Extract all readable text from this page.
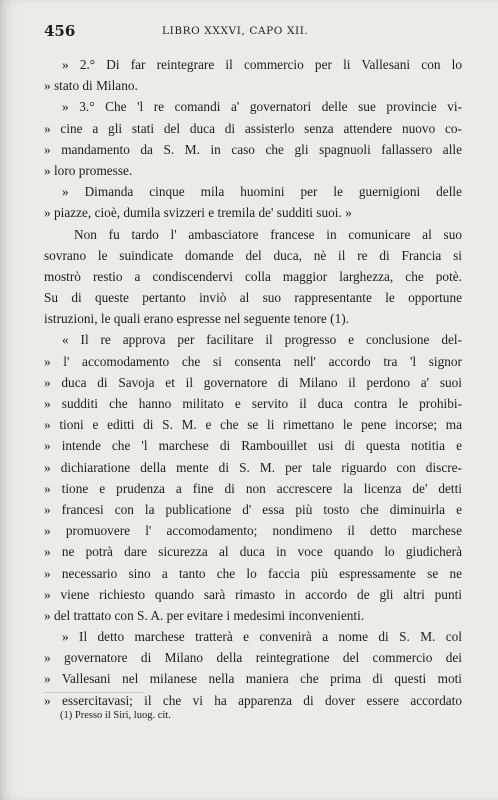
456	LIBRO XXXVI, CAPO XII.
» 2.° Di far reintegrare il commercio per li Vallesani con lo
» stato di Milano.
» 3.° Che 'l re comandi a' governatori delle sue provincie vi-
» cine a gli stati del duca di assisterlo senza attendere nuovo co-
» mandamento da S. M. in caso che gli spagnuoli fallassero alle
» loro promesse.
» Dimanda cinque mila huomini per le guernigioni delle
» piazze, cioè, dumila svizzeri e tremila de' sudditi suoi. »
Non fu tardo l' ambasciatore francese in comunicare al suo
sovrano le suindicate domande del duca, nè il re di Francia si
mostrò restio a condiscendervi colla maggior larghezza, che potè.
Su di queste pertanto inviò al suo rappresentante le opportune
istruzioni, le quali erano espresse nel seguente tenore (1).
« Il re approva per facilitare il progresso e conclusione del-
» l' accomodamento che si consenta nell' accordo tra 'l signor
» duca di Savoja et il governatore di Milano il perdono a' suoi
» sudditi che hanno militato e servito il duca contra le prohibi-
» tioni e editti di S. M. e che se li rimettano le pene incorse; ma
» intende che 'l marchese di Rambouillet usi di questa notitia e
» dichiaratione della mente di S. M. per tale riguardo con discre-
» tione e prudenza a fine di non accrescere la licenza de' detti
» francesi con la publicatione d' essa più tosto che diminuirla e
» promuovere l' accomodamento; nondimeno il detto marchese
» ne potrà dare sicurezza al duca in voce quando lo giudicherà
» necessario sino a tanto che lo faccia più espressamente se ne
» viene richiesto quando sarà rimasto in accordo de gli altri punti
» del trattato con S. A. per evitare i medesimi inconvenienti.
» Il detto marchese tratterà e convenirà a nome di S. M. col
» governatore di Milano della reintegratione del commercio dei
» Vallesani nel milanese nella maniera che prima di questi moti
» essercitavasi; il che vi ha apparenza di dover essere accordato
(1) Presso il Siri, luog. cit.
